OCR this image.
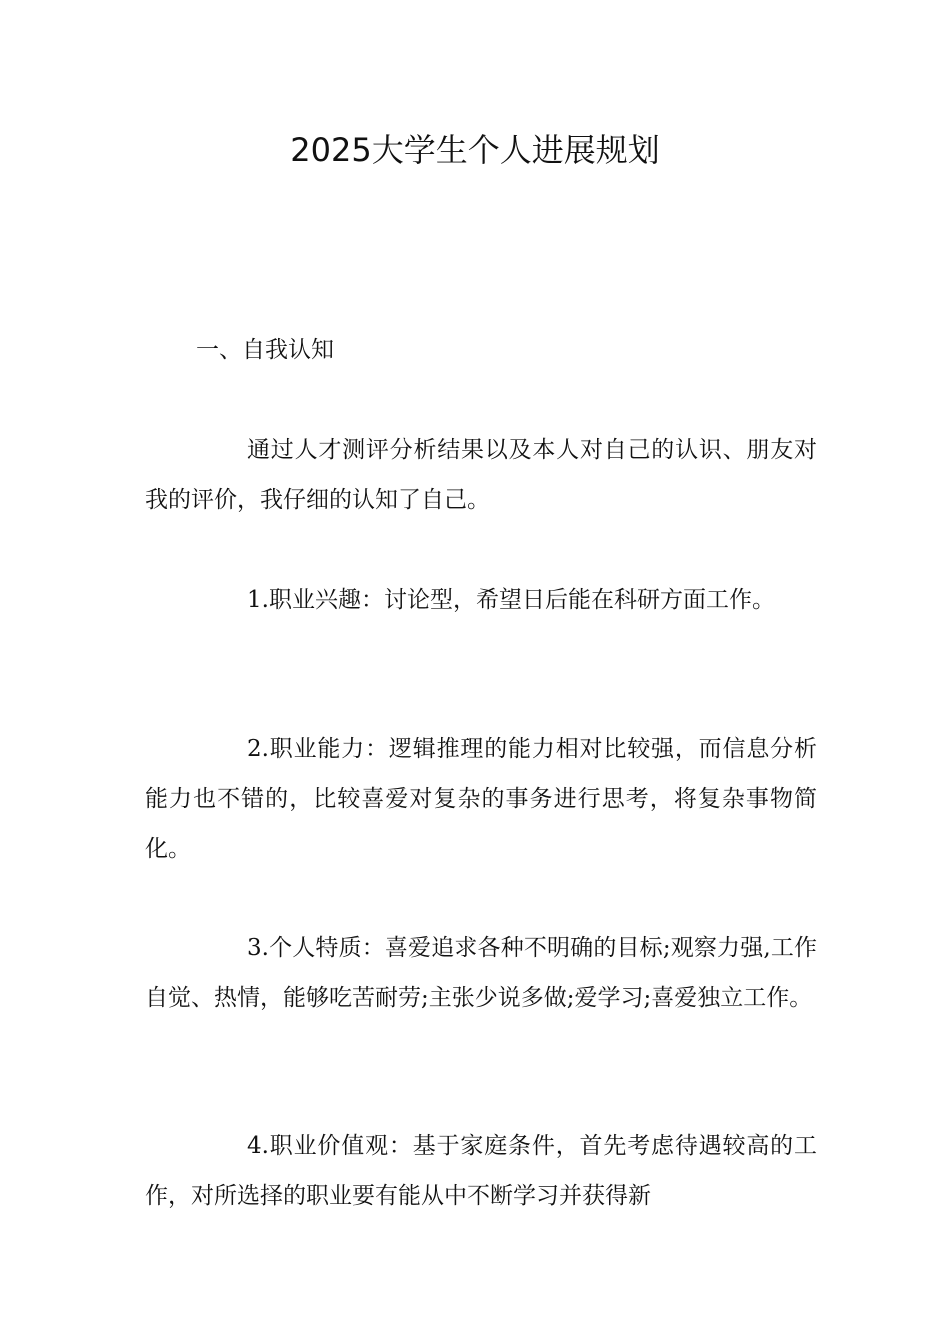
2025大学生个人进展规划

一、自我认知

通过人才测评分析结果以及本人对自己的认识、朋友对我的评价，我仔细的认知了自己。

1.职业兴趣：讨论型，希望日后能在科研方面工作。

2.职业能力：逻辑推理的能力相对比较强，而信息分析能力也不错的，比较喜爱对复杂的事务进行思考，将复杂事物简化。

3.个人特质：喜爱追求各种不明确的目标;观察力强,工作自觉、热情，能够吃苦耐劳;主张少说多做;爱学习;喜爱独立工作。

4.职业价值观：基于家庭条件，首先考虑待遇较高的工作，对所选择的职业要有能从中不断学习并获得新
